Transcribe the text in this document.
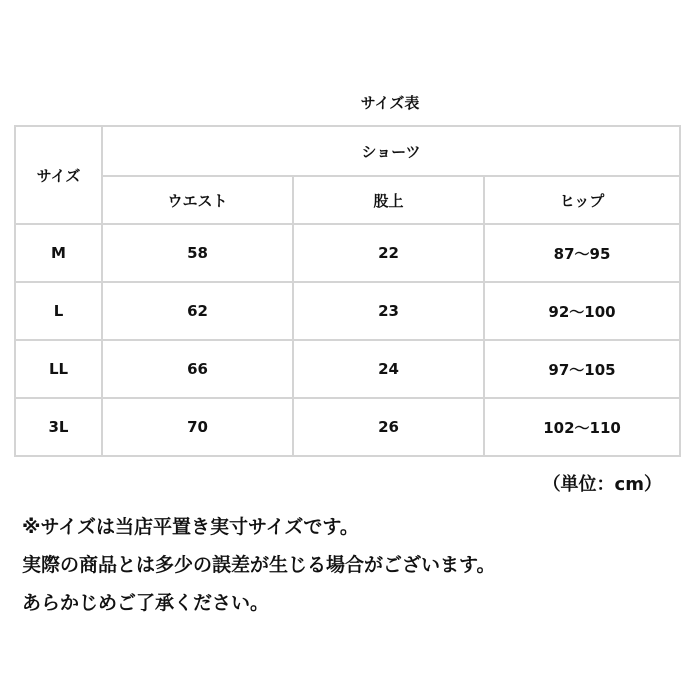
サイズ表
サイズ	ショーツ		
	ウエスト	股上	ヒップ
M	58	22	87～95
L	62	23	92～100
LL	66	24	97～105
3L	70	26	102～110
（単位：cm）
※サイズは当店平置き実寸サイズです。
実際の商品とは多少の誤差が生じる場合がございます。
あらかじめご了承ください。
